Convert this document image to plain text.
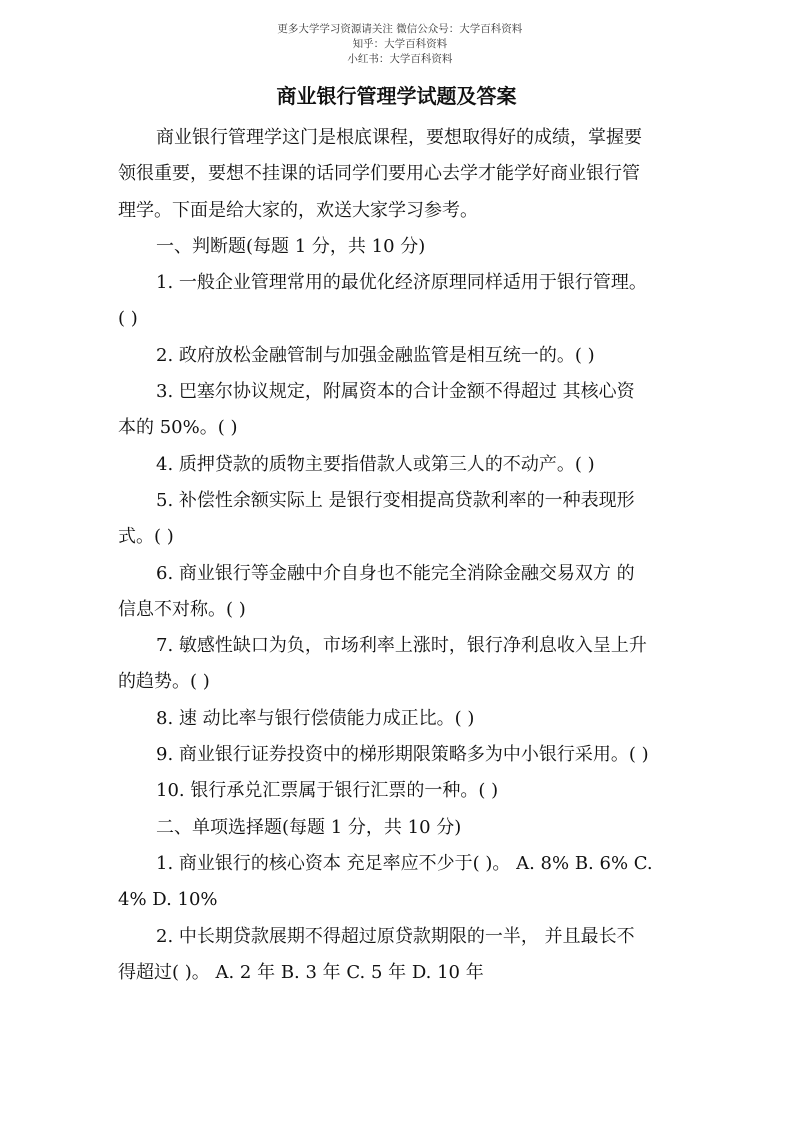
更多大学学习资源请关注 微信公众号：大学百科资料
知乎：大学百科资料
小红书：大学百科资料

商业银行管理学试题及答案
商业银行管理学这门是根底课程，要想取得好的成绩，掌握要
领很重要，要想不挂课的话同学们要用心去学才能学好商业银行管
理学。下面是给大家的，欢送大家学习参考。
一、判断题(每题 1 分，共 10 分)
1. 一般企业管理常用的最优化经济原理同样适用于银行管理。
( )
2. 政府放松金融管制与加强金融监管是相互统一的。( )
3. 巴塞尔协议规定，附属资本的合计金额不得超过 其核心资
本的 50%。( )
4. 质押贷款的质物主要指借款人或第三人的不动产。( )
5. 补偿性余额实际上 是银行变相提高贷款利率的一种表现形
式。( )
6. 商业银行等金融中介自身也不能完全消除金融交易双方 的
信息不对称。( )
7. 敏感性缺口为负，市场利率上涨时，银行净利息收入呈上升
的趋势。( )
8. 速 动比率与银行偿债能力成正比。( )
9. 商业银行证券投资中的梯形期限策略多为中小银行采用。( )
10. 银行承兑汇票属于银行汇票的一种。( )
二、单项选择题(每题 1 分，共 10 分)
1. 商业银行的核心资本 充足率应不少于( )。 A. 8% B. 6% C.
4% D. 10%
2. 中长期贷款展期不得超过原贷款期限的一半， 并且最长不
得超过( )。 A. 2 年 B. 3 年 C. 5 年 D. 10 年
